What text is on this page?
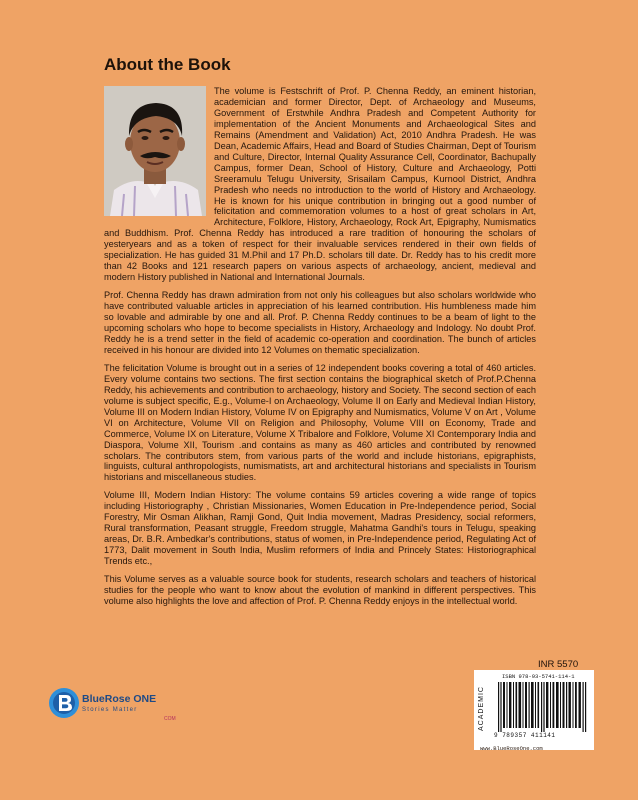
About the Book

The volume is Festschrift of Prof. P. Chenna Reddy, an eminent historian, academician and former Director, Dept. of Archaeology and Museums, Government of Erstwhile Andhra Pradesh and Competent Authority for implementation of the Ancient Monuments and Archaeological Sites and Remains (Amendment and Validation) Act, 2010 Andhra Pradesh. He was Dean, Academic Affairs, Head and Board of Studies Chairman, Dept of Tourism and Culture, Director, Internal Quality Assurance Cell, Coordinator, Bachupally Campus, former Dean, School of History, Culture and Archaeology, Potti Sreeramulu Telugu University, Srisailam Campus, Kurnool District, Andhra Pradesh who needs no introduction to the world of History and Archaeology. He is known for his unique contribution in bringing out a good number of felicitation and commemoration volumes to a host of great scholars in Art, Architecture, Folklore, History, Archaeology, Rock Art, Epigraphy, Numismatics and Buddhism. Prof. Chenna Reddy has introduced a rare tradition of honouring the scholars of yesteryears and as a token of respect for their invaluable services rendered in their own fields of specialization. He has guided 31 M.Phil and 17 Ph.D. scholars till date. Dr. Reddy has to his credit more than 42 Books and 121 research papers on various aspects of archaeology, ancient, medieval and modern History published in National and International Journals.

Prof. Chenna Reddy has drawn admiration from not only his colleagues but also scholars worldwide who have contributed valuable articles in appreciation of his learned contribution. His humbleness made him so lovable and admirable by one and all. Prof. P. Chenna Reddy continues to be a beam of light to the upcoming scholars who hope to become specialists in History, Archaeology and Indology. No doubt Prof. Reddy he is a trend setter in the field of academic co-operation and coordination. The bunch of articles received in his honour are divided into 12 Volumes on thematic specialization.

The felicitation Volume is brought out in a series of 12 independent books covering a total of 460 articles. Every volume contains two sections. The first section contains the biographical sketch of Prof.P.Chenna Reddy, his achievements and contribution to archaeology, history and Society. The second section of each volume is subject specific, E.g., Volume-I on Archaeology, Volume II on Early and Medieval Indian History, Volume III on Modern Indian History, Volume IV on Epigraphy and Numismatics, Volume V on Art , Volume VI on Architecture, Volume VII on Religion and Philosophy, Volume VIII on Economy, Trade and Commerce, Volume IX on Literature, Volume X Tribalore and Folklore, Volume XI Contemporary India and Diaspora, Volume XII, Tourism .and contains as many as 460 articles and contributed by renowned scholars. The contributors stem, from various parts of the world and include historians, epigraphists, linguists, cultural anthropologists, numismatists, art and architectural historians and specialists in Tourism historians and miscellaneous studies.

Volume III, Modern Indian History: The volume contains 59 articles covering a wide range of topics including Historiography , Christian Missionaries, Women Education in Pre-Independence period, Social Forestry, Mir Osman Alikhan, Ramji Gond, Quit India movement, Madras Presidency, social reformers, Rural transformation, Peasant struggle, Freedom struggle, Mahatma Gandhi's tours in Telugu, speaking areas, Dr. B.R. Ambedkar's contributions, status of women, in Pre-Independence period, Regulating Act of 1773, Dalit movement in South India, Muslim reformers of India and Princely States: Historiographical Trends etc.,

This Volume serves as a valuable source book for students, research scholars and teachers of historical studies for the people who want to know about the evolution of mankind in different perspectives. This volume also highlights the love and affection of Prof. P. Chenna Reddy enjoys in the intellectual world.

INR 5570
ACADEMIC
ISBN 978-93-5741-114-1
9 789357 411141
www.BlueRoseOne.com
BlueRose ONE
Stories Matter
COM
